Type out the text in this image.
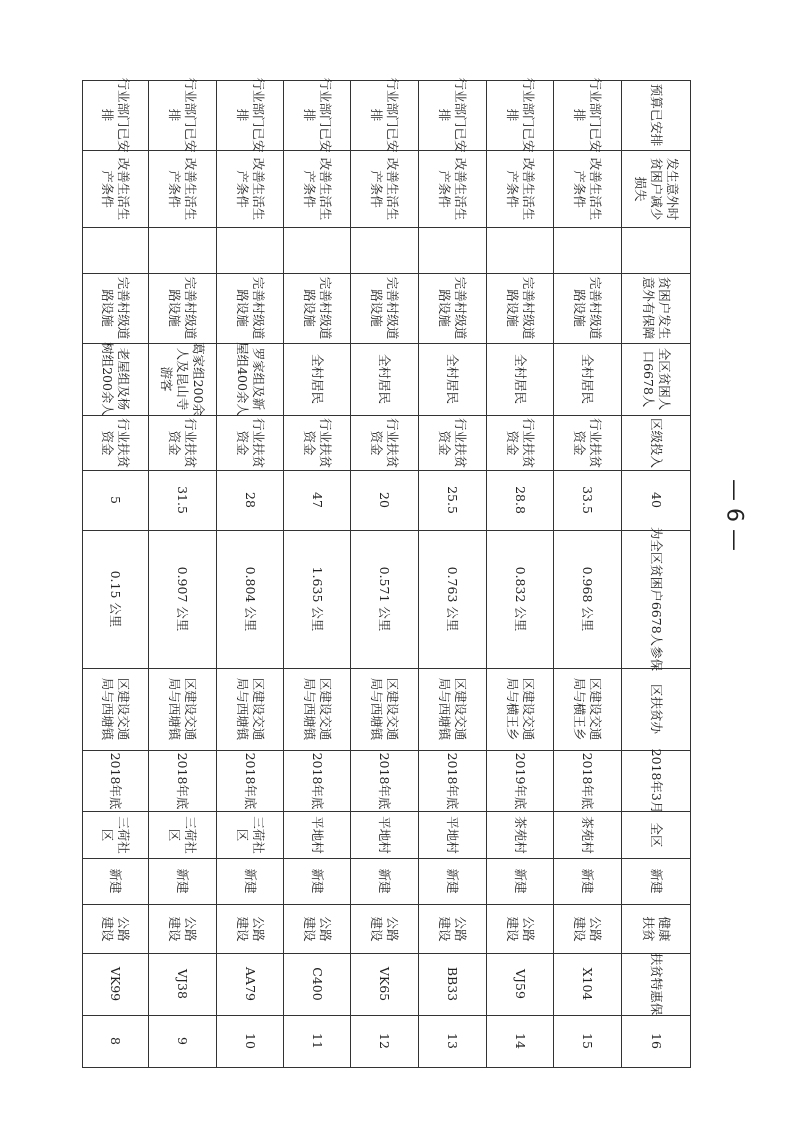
行业部门已安
排
改善生活生
产条件
完善村级道
路设施
老屋组及杨
树组200余人
行业扶贫
资金
5
0.15 公里
区建设交通
局与西塘镇
2018年底
三荷社
区
新建
公路
建设
VK99
8
行业部门已安
排
改善生活生
产条件
完善村级道
路设施
葛家组200余
人及昆山寺
游客
行业扶贫
资金
31.5
0.907 公里
区建设交通
局与西塘镇
2018年底
三荷社
区
新建
公路
建设
VJ38
9
行业部门已安
排
改善生活生
产条件
完善村级道
路设施
罗家组及新
屋组400余人
行业扶贫
资金
28
0.804 公里
区建设交通
局与西塘镇
2018年底
三荷社
区
新建
公路
建设
AA79
10
行业部门已安
排
改善生活生
产条件
完善村级道
路设施
全村居民
行业扶贫
资金
47
1.635 公里
区建设交通
局与西塘镇
2018年底
平地村
新建
公路
建设
C400
11
行业部门已安
排
改善生活生
产条件
完善村级道
路设施
全村居民
行业扶贫
资金
20
0.571 公里
区建设交通
局与西塘镇
2018年底
平地村
新建
公路
建设
VK65
12
行业部门已安
排
改善生活生
产条件
完善村级道
路设施
全村居民
行业扶贫
资金
25.5
0.763 公里
区建设交通
局与西塘镇
2018年底
平地村
新建
公路
建设
BB33
13
行业部门已安
排
改善生活生
产条件
完善村级道
路设施
全村居民
行业扶贫
资金
28.8
0.832 公里
区建设交通
局与横王乡
2019年底
茶苑村
新建
公路
建设
VJ59
14
行业部门已安
排
改善生活生
产条件
完善村级道
路设施
全村居民
行业扶贫
资金
33.5
0.968 公里
区建设交通
局与横王乡
2018年底
茶苑村
新建
公路
建设
X104
15
预算已安排
发生意外时
贫困户减少
损失
贫困户发生
意外有保障
全区贫困人
口6678人
区级投入
40
为全区贫困户6678人参保
区扶贫办
2018年3月
全区
新建
健康
扶贫
扶贫特惠保
16
— 6 —
